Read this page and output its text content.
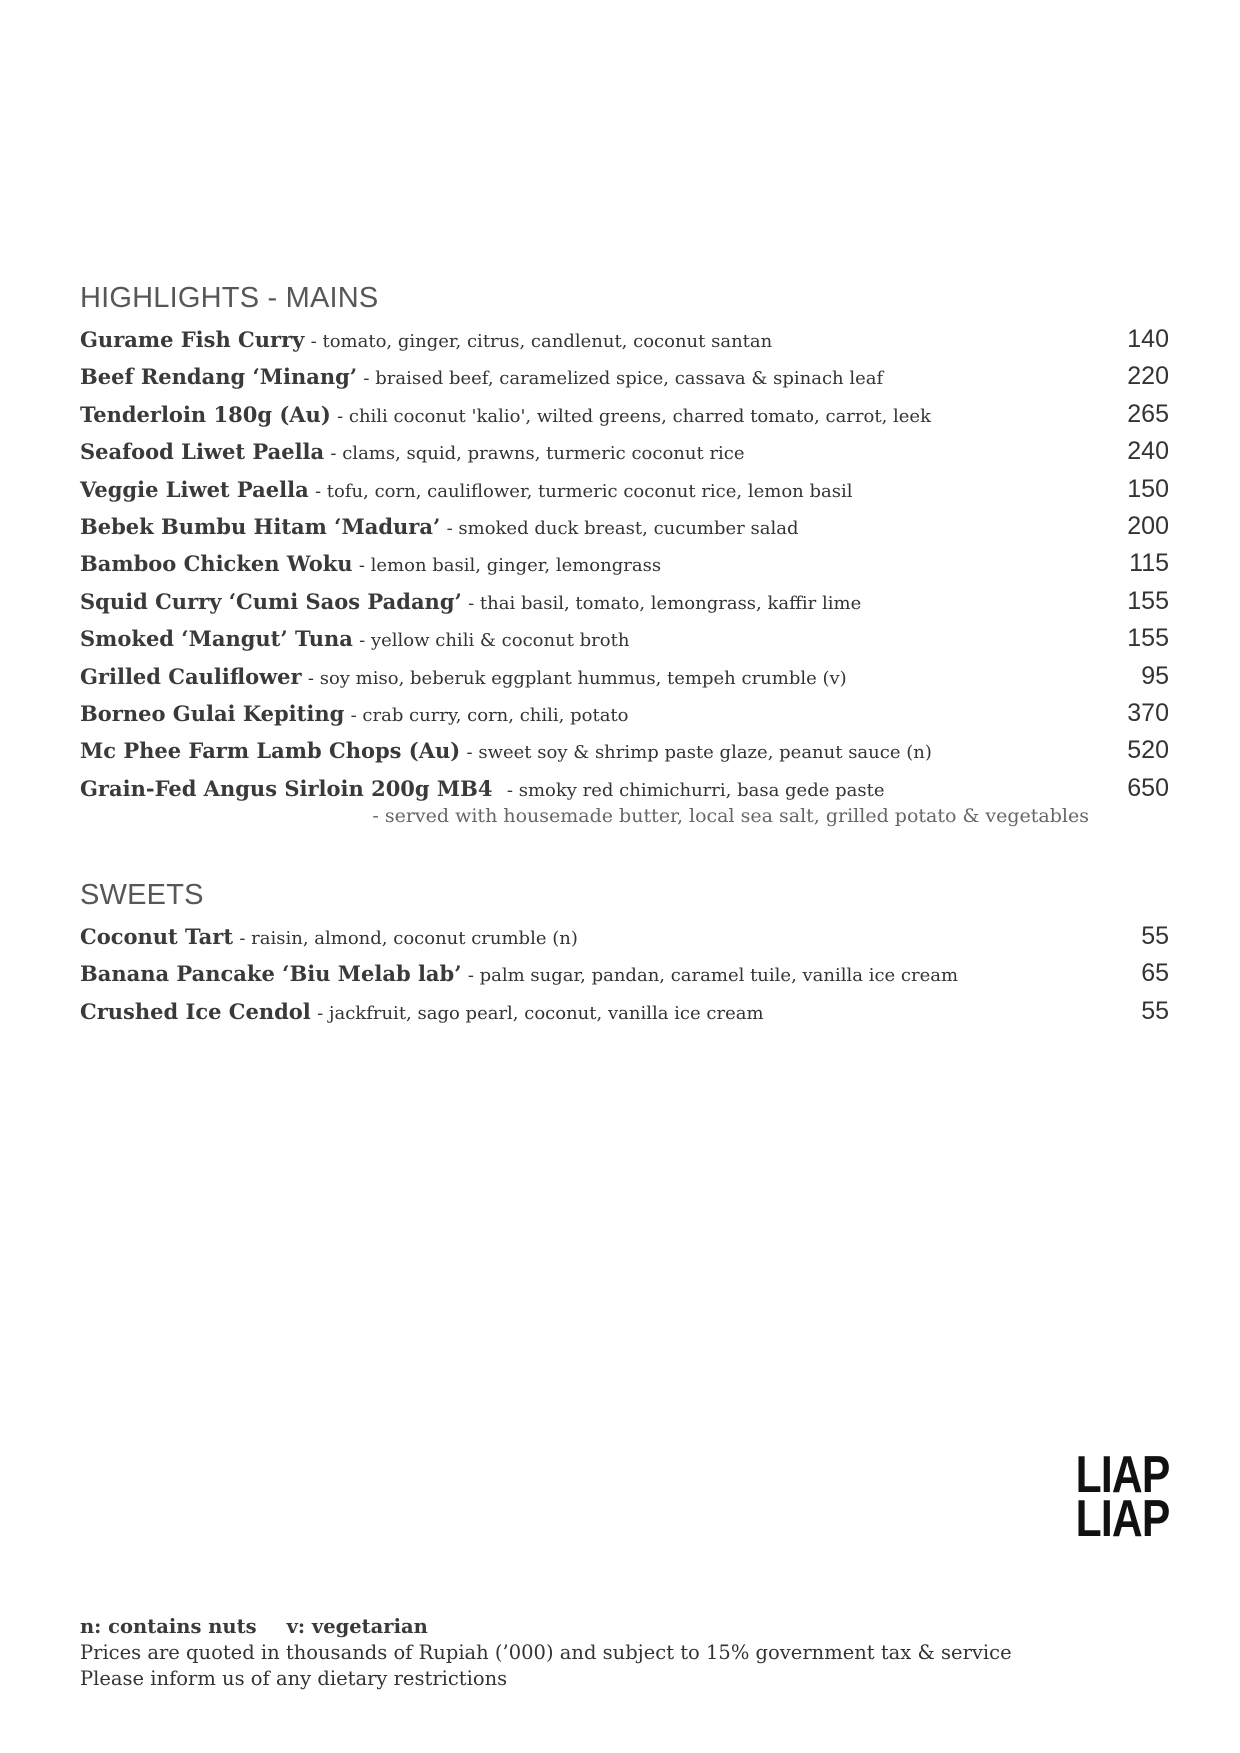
HIGHLIGHTS - MAINS
Gurame Fish Curry - tomato, ginger, citrus, candlenut, coconut santan	140
Beef Rendang ‘Minang’ - braised beef, caramelized spice, cassava & spinach leaf	220
Tenderloin 180g (Au) - chili coconut 'kalio', wilted greens, charred tomato, carrot, leek	265
Seafood Liwet Paella - clams, squid, prawns, turmeric coconut rice	240
Veggie Liwet Paella - tofu, corn, cauliflower, turmeric coconut rice, lemon basil	150
Bebek Bumbu Hitam ‘Madura’ - smoked duck breast, cucumber salad	200
Bamboo Chicken Woku - lemon basil, ginger, lemongrass	115
Squid Curry ‘Cumi Saos Padang’ - thai basil, tomato, lemongrass, kaffir lime	155
Smoked ‘Mangut’ Tuna - yellow chili & coconut broth	155
Grilled Cauliflower - soy miso, beberuk eggplant hummus, tempeh crumble (v)	95
Borneo Gulai Kepiting - crab curry, corn, chili, potato	370
Mc Phee Farm Lamb Chops (Au) - sweet soy & shrimp paste glaze, peanut sauce (n)	520
Grain-Fed Angus Sirloin 200g MB4 - smoky red chimichurri, basa gede paste	650
- served with housemade butter, local sea salt, grilled potato & vegetables
SWEETS
Coconut Tart - raisin, almond, coconut crumble (n)	55
Banana Pancake ‘Biu Melab lab’ - palm sugar, pandan, caramel tuile, vanilla ice cream	65
Crushed Ice Cendol - jackfruit, sago pearl, coconut, vanilla ice cream	55
LIAP
LIAP
n: contains nuts v: vegetarian
Prices are quoted in thousands of Rupiah (’000) and subject to 15% government tax & service
Please inform us of any dietary restrictions
